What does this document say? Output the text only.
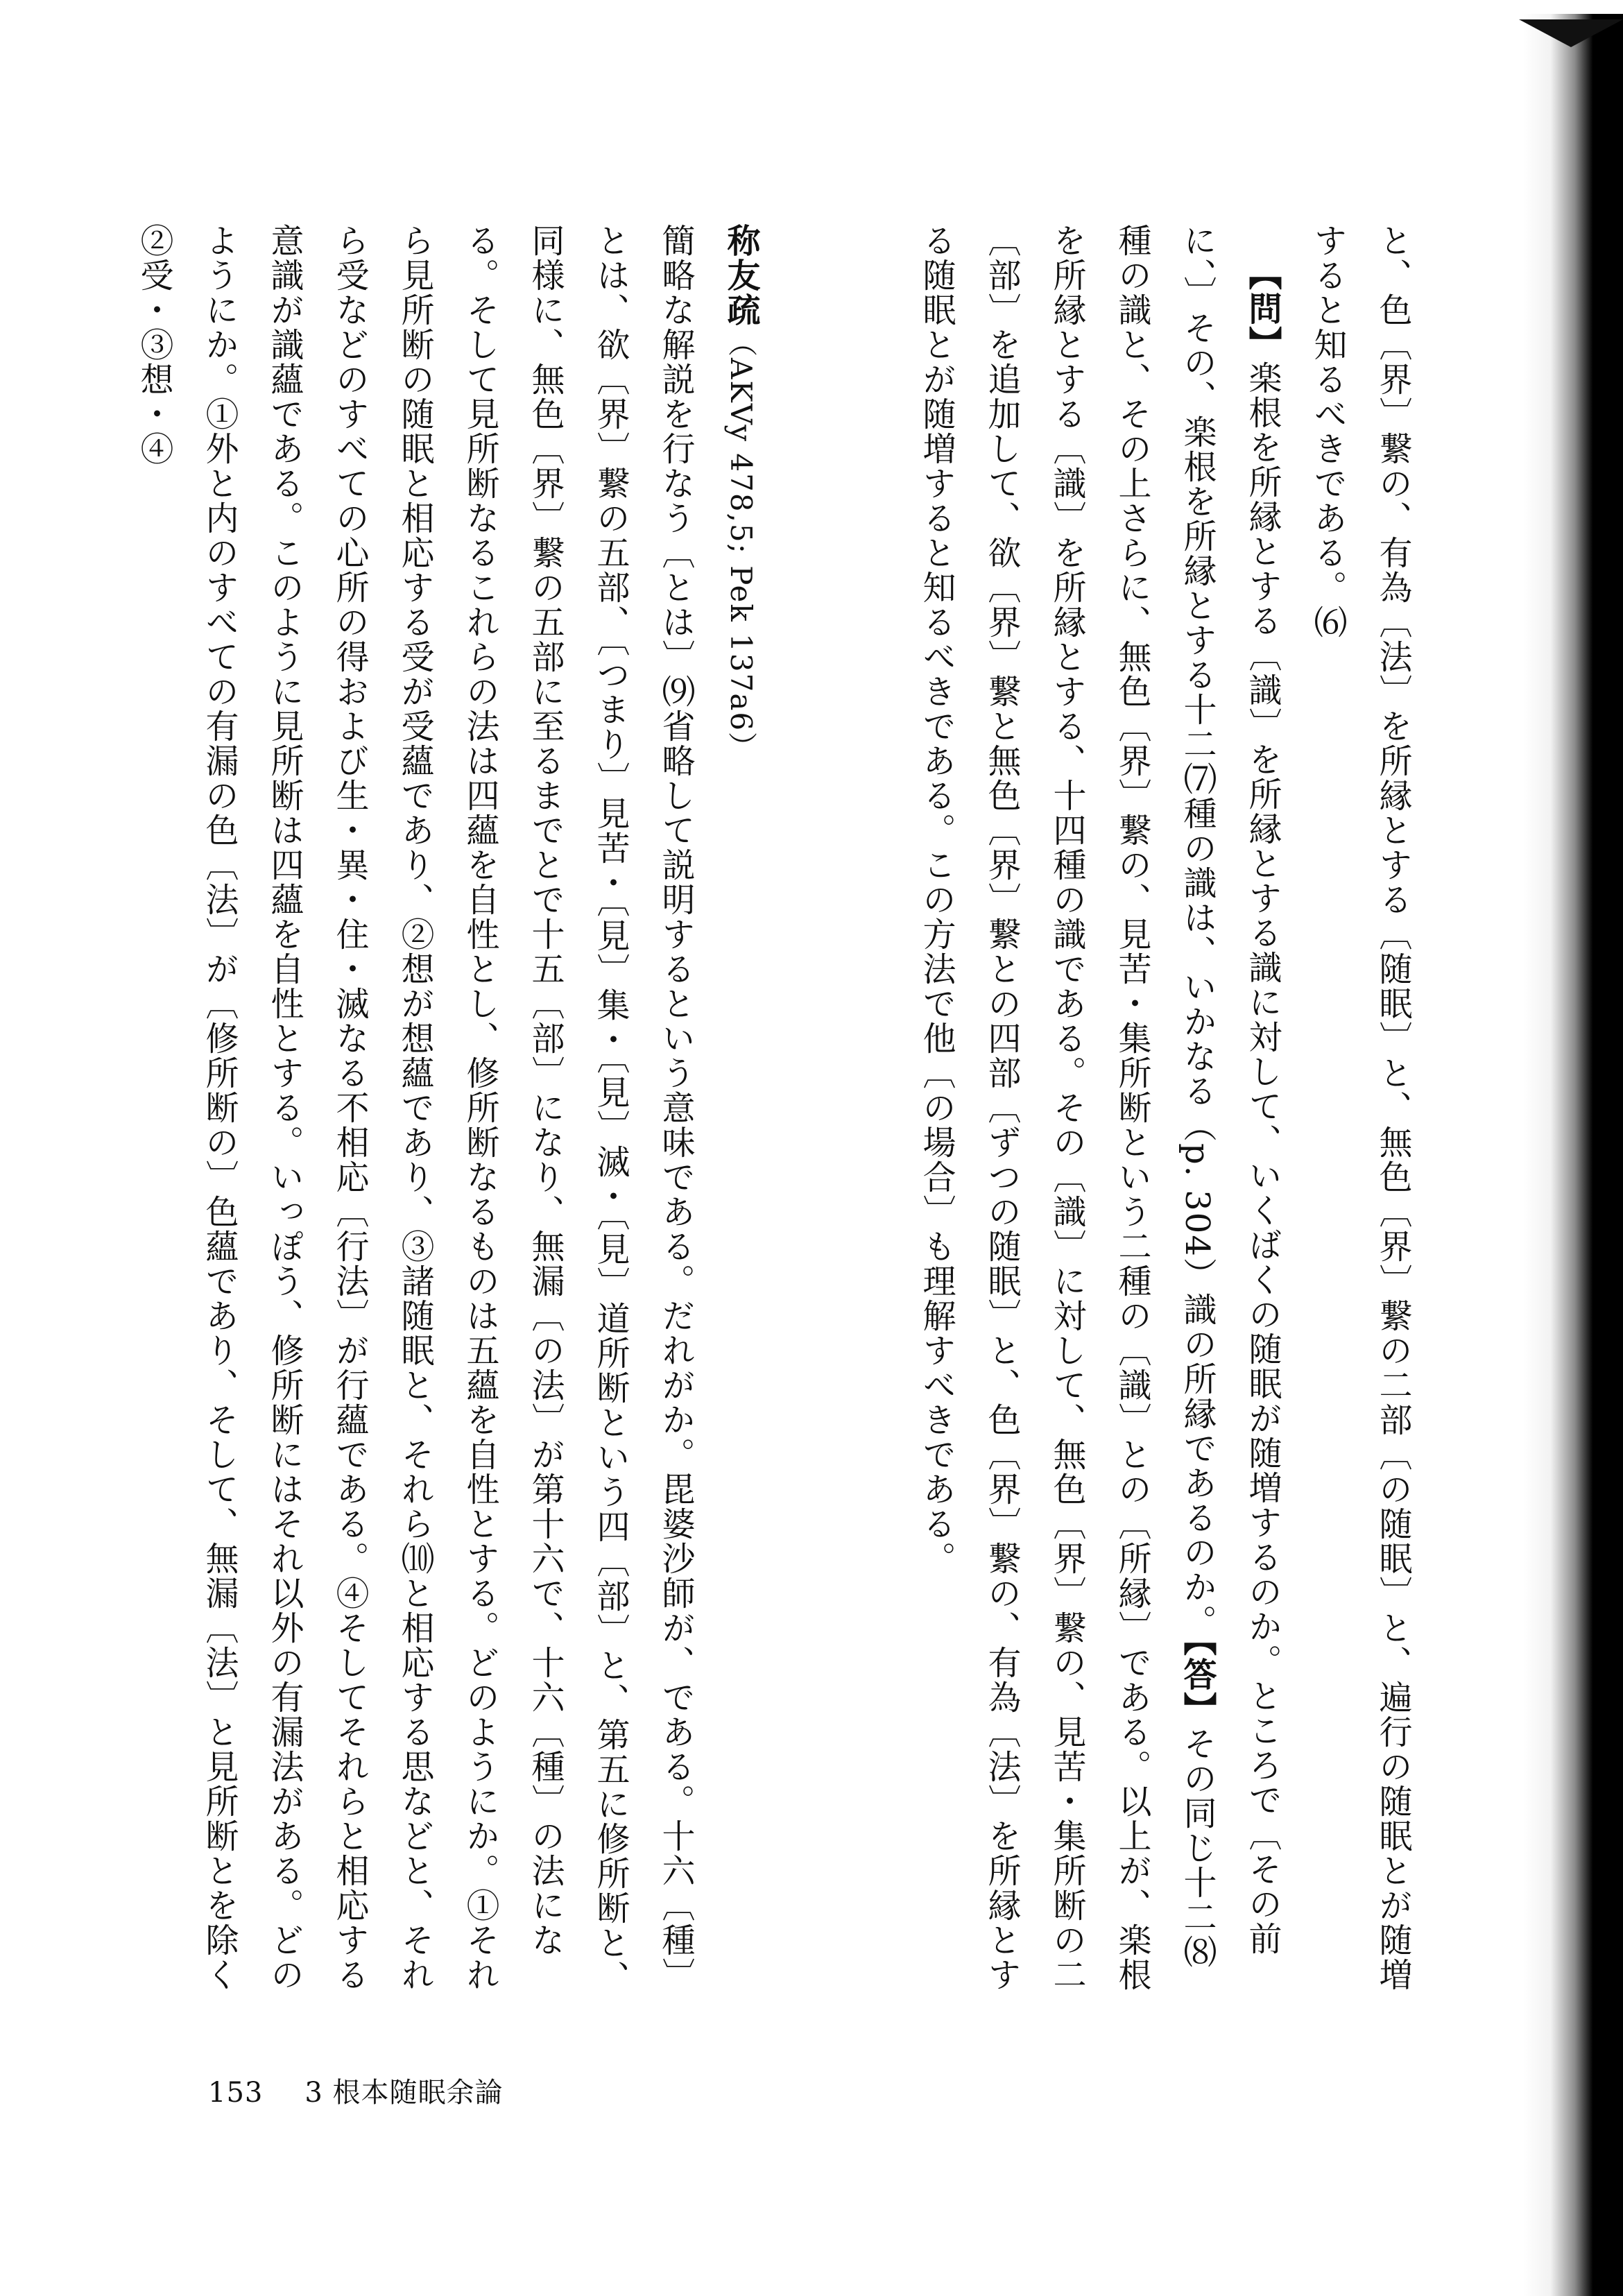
と、色〔界〕繋の、有為〔法〕を所縁とする〔随眠〕と、無色〔界〕繋の二部〔の随眠〕と、遍行の随眠とが随増すると知るべきである。⑹

【問】楽根を所縁とする〔識〕を所縁とする識に対して、いくばくの随眠が随増するのか。ところで〔その前に、〕その、楽根を所縁とする十二⑺種の識は、いかなる（p. 304）識の所縁であるのか。【答】その同じ十二⑻種の識と、その上さらに、無色〔界〕繋の、見苦・集所断という二種の〔識〕との〔所縁〕である。以上が、楽根を所縁とする〔識〕を所縁とする、十四種の識である。その〔識〕に対して、無色〔界〕繋の、見苦・集所断の二〔部〕を追加して、欲〔界〕繋と無色〔界〕繋との四部〔ずつの随眠〕と、色〔界〕繋の、有為〔法〕を所縁とする随眠とが随増すると知るべきである。この方法で他〔の場合〕も理解すべきである。

称友疏（AKVy 478,5; Pek 137a6）

簡略な解説を行なう〔とは〕⑼省略して説明するという意味である。だれがか。毘婆沙師が、である。十六〔種〕とは、欲〔界〕繋の五部、〔つまり〕見苦・〔見〕集・〔見〕滅・〔見〕道所断という四〔部〕と、第五に修所断と、同様に、無色〔界〕繋の五部に至るまでとで十五〔部〕になり、無漏〔の法〕が第十六で、十六〔種〕の法になる。そして見所断なるこれらの法は四蘊を自性とし、修所断なるものは五蘊を自性とする。どのようにか。①それら見所断の随眠と相応する受が受蘊であり、②想が想蘊であり、③諸随眠と、それら⑽と相応する思などと、それら受などのすべての心所の得および生・異・住・滅なる不相応〔行法〕が行蘊である。④そしてそれらと相応する意識が識蘊である。このように見所断は四蘊を自性とする。いっぽう、修所断にはそれ以外の有漏法がある。どのようにか。①外と内のすべての有漏の色〔法〕が〔修所断の〕色蘊であり、そして、無漏〔法〕と見所断とを除く②受・③想・④

153 3 根本随眠余論
